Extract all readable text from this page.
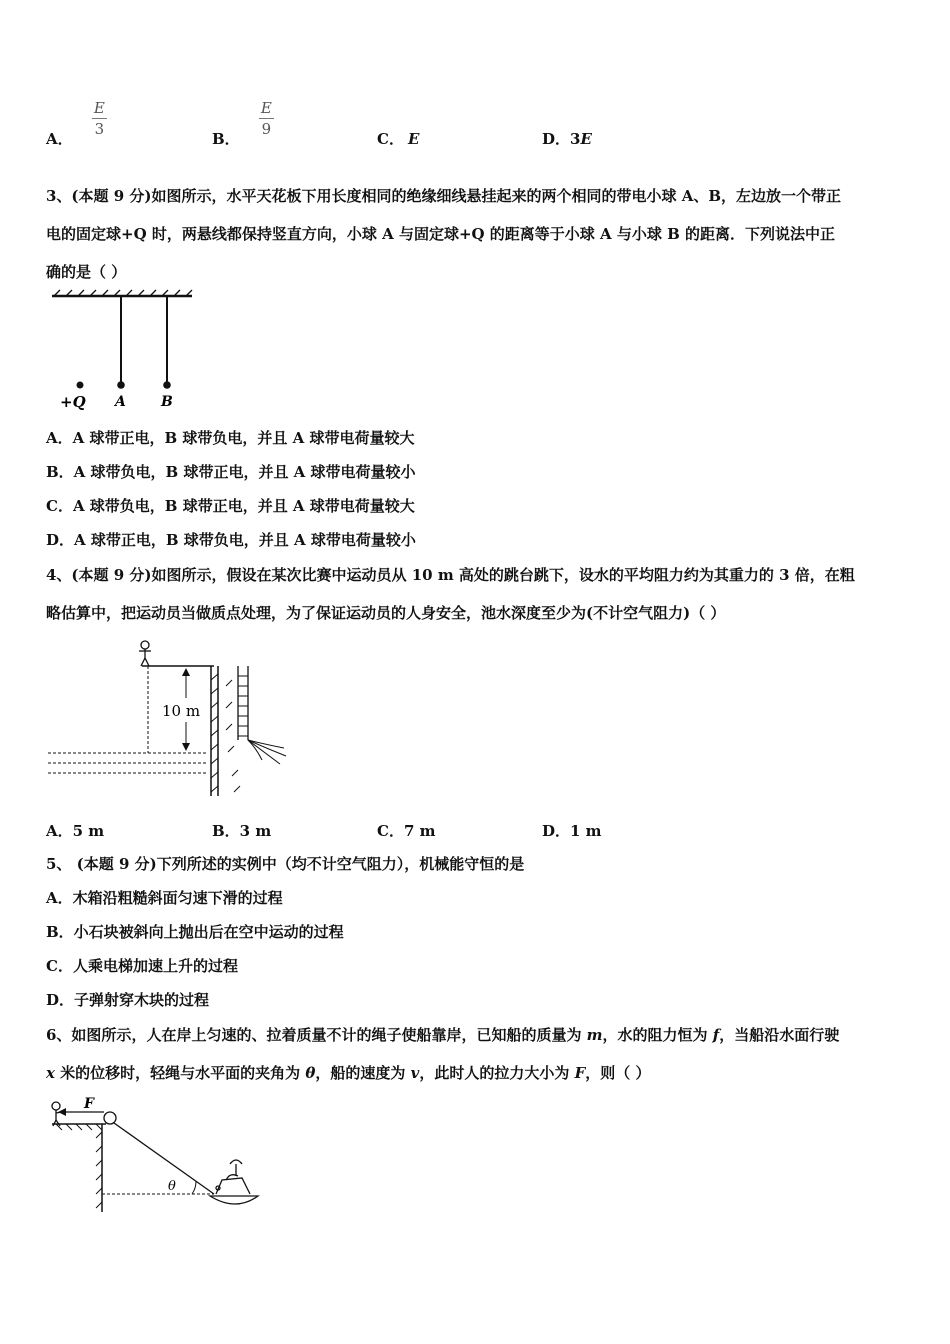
A．
$\frac{E}{3}$
B．
$\frac{E}{9}$
C． E	D．3E
3、(本题 9 分)如图所示，水平天花板下用长度相同的绝缘细线悬挂起来的两个相同的带电小球 A、B，左边放一个带正
电的固定球+Q 时，两悬线都保持竖直方向，小球 A 与固定球+Q 的距离等于小球 A 与小球 B 的距离．下列说法中正
确的是（ ）
+Q A	B
A．A 球带正电，B 球带负电，并且 A 球带电荷量较大
B．A 球带负电，B 球带正电，并且 A 球带电荷量较小
C．A 球带负电，B 球带正电，并且 A 球带电荷量较大
D．A 球带正电，B 球带负电，并且 A 球带电荷量较小
4、(本题 9 分)如图所示，假设在某次比赛中运动员从 10 m 高处的跳台跳下，设水的平均阻力约为其重力的 3 倍，在粗
略估算中，把运动员当做质点处理，为了保证运动员的人身安全，池水深度至少为(不计空气阻力)（ ）
10 m
A．5 m	B．3 m	C．7 m	D．1 m
5、 (本题 9 分)下列所述的实例中（均不计空气阻力），机械能守恒的是
A．木箱沿粗糙斜面匀速下滑的过程
B．小石块被斜向上抛出后在空中运动的过程
C．人乘电梯加速上升的过程
D．子弹射穿木块的过程
6、如图所示，人在岸上匀速的、拉着质量不计的绳子使船靠岸，已知船的质量为 m，水的阻力恒为 f，当船沿水面行驶
x 米的位移时，轻绳与水平面的夹角为 θ，船的速度为 v，此时人的拉力大小为 F，则（ ）
F
θ
